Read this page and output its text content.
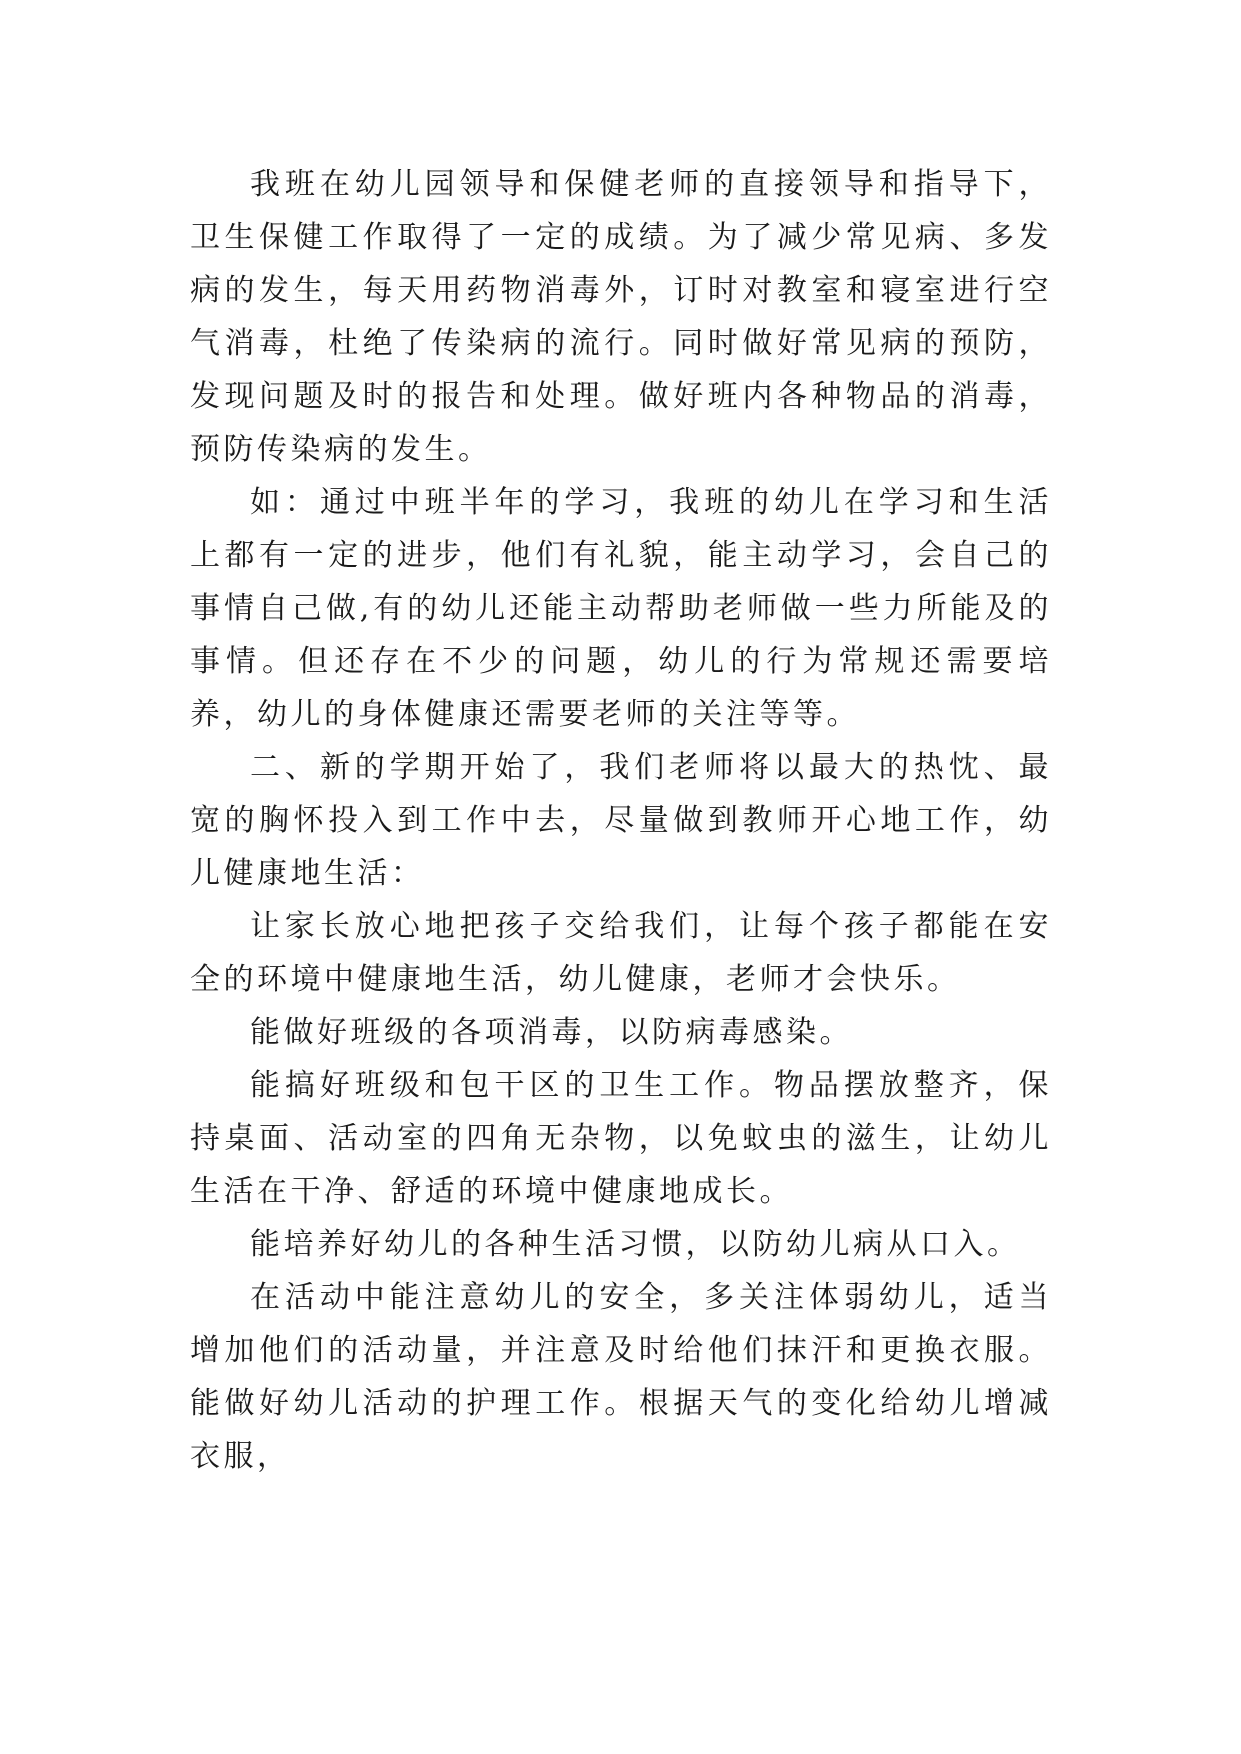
我班在幼儿园领导和保健老师的直接领导和指导下，卫生保健工作取得了一定的成绩。为了减少常见病、多发病的发生，每天用药物消毒外，订时对教室和寝室进行空气消毒，杜绝了传染病的流行。同时做好常见病的预防，发现问题及时的报告和处理。做好班内各种物品的消毒，预防传染病的发生。

如：通过中班半年的学习，我班的幼儿在学习和生活上都有一定的进步，他们有礼貌，能主动学习，会自己的事情自己做,有的幼儿还能主动帮助老师做一些力所能及的事情。但还存在不少的问题，幼儿的行为常规还需要培养，幼儿的身体健康还需要老师的关注等等。

二、新的学期开始了，我们老师将以最大的热忱、最宽的胸怀投入到工作中去，尽量做到教师开心地工作，幼儿健康地生活：

让家长放心地把孩子交给我们，让每个孩子都能在安全的环境中健康地生活，幼儿健康，老师才会快乐。

能做好班级的各项消毒，以防病毒感染。

能搞好班级和包干区的卫生工作。物品摆放整齐，保持桌面、活动室的四角无杂物，以免蚊虫的滋生，让幼儿生活在干净、舒适的环境中健康地成长。

能培养好幼儿的各种生活习惯，以防幼儿病从口入。

在活动中能注意幼儿的安全，多关注体弱幼儿，适当增加他们的活动量，并注意及时给他们抹汗和更换衣服。能做好幼儿活动的护理工作。根据天气的变化给幼儿增减衣服，
